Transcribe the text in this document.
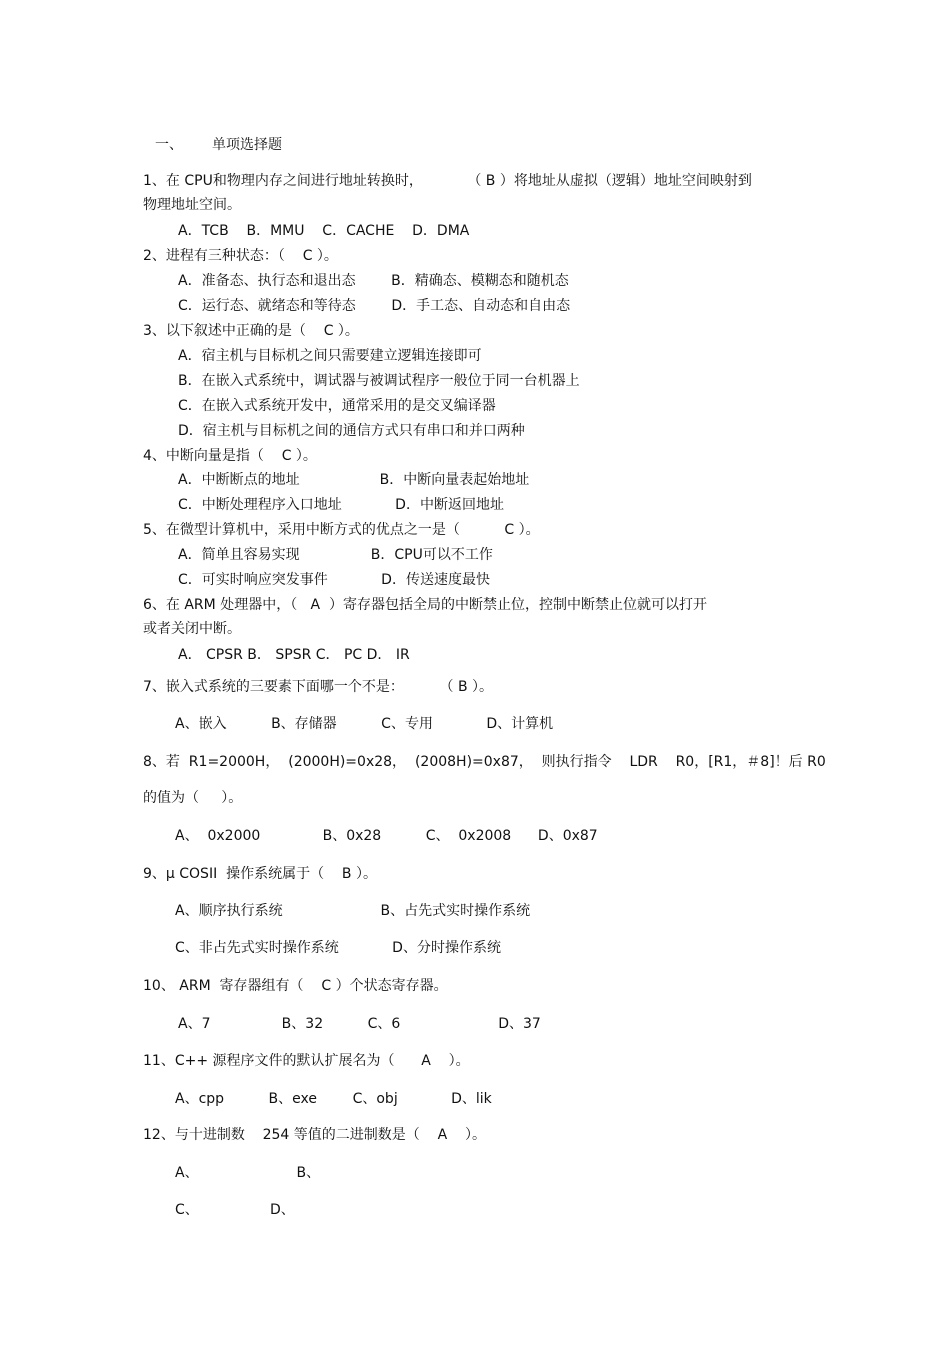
一、 单项选择题
1、在 CPU和物理内存之间进行地址转换时，          （ B ）将地址从虚拟（逻辑）地址空间映射到
物理地址空间。
A．TCB    B．MMU    C．CACHE    D．DMA
2、进程有三种状态：（    C ）。
A．准备态、执行态和退出态        B．精确态、模糊态和随机态
C．运行态、就绪态和等待态        D．手工态、自动态和自由态
3、以下叙述中正确的是（    C ）。
A．宿主机与目标机之间只需要建立逻辑连接即可
B．在嵌入式系统中，调试器与被调试程序一般位于同一台机器上
C．在嵌入式系统开发中，通常采用的是交叉编译器
D．宿主机与目标机之间的通信方式只有串口和并口两种
4、中断向量是指（    C ）。
A．中断断点的地址                  B．中断向量表起始地址
C．中断处理程序入口地址            D．中断返回地址
5、在微型计算机中，采用中断方式的优点之一是（          C ）。
A．简单且容易实现                B．CPU可以不工作
C．可实时响应突发事件            D．传送速度最快
6、在 ARM 处理器中，（   A  ）寄存器包括全局的中断禁止位，控制中断禁止位就可以打开
或者关闭中断。
A． CPSR B． SPSR C． PC D． IR
7、嵌入式系统的三要素下面哪一个不是：        （ B ）。
A、嵌入          B、存储器          C、专用            D、计算机
8、若  R1=2000H，  (2000H)=0x28，  (2008H)=0x87，  则执行指令    LDR    R0，[R1，＃8]！后 R0
的值为（     ）。
A、  0x2000              B、0x28          C、  0x2008      D、0x87
9、μ COSII  操作系统属于（    B ）。
A、顺序执行系统                      B、占先式实时操作系统
C、非占先式实时操作系统            D、分时操作系统
10、 ARM  寄存器组有（    C ）个状态寄存器。
A、7                B、32          C、6                      D、37
11、C++ 源程序文件的默认扩展名为（      A    ）。
A、cpp          B、exe        C、obj            D、lik
12、与十进制数    254 等值的二进制数是（    A    ）。
A、                      B、
C、                D、
